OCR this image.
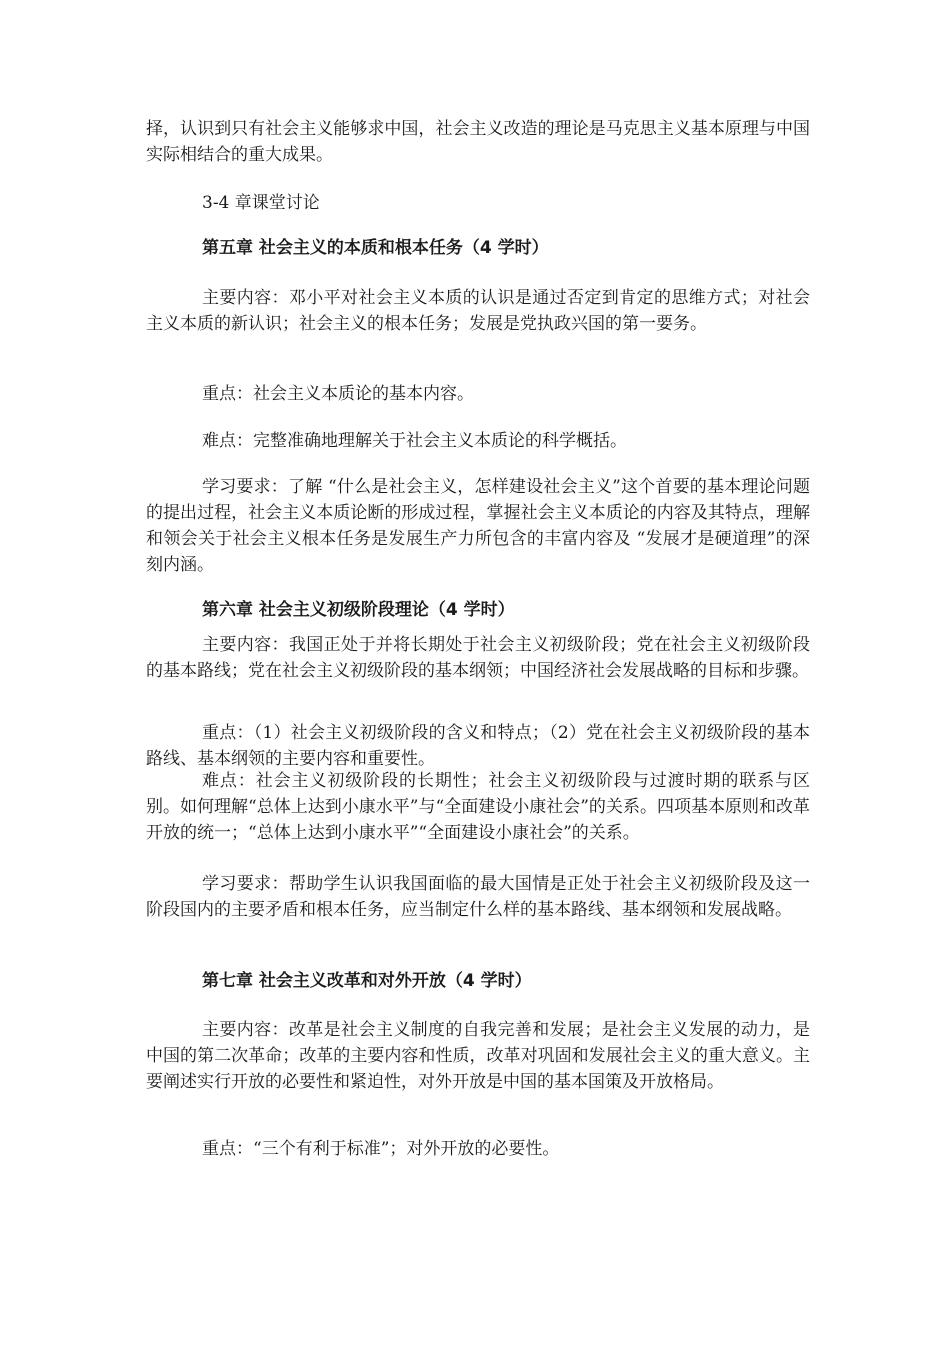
择，认识到只有社会主义能够求中国，社会主义改造的理论是马克思主义基本原理与中国实际相结合的重大成果。

3-4 章课堂讨论

第五章 社会主义的本质和根本任务（4 学时）

主要内容：邓小平对社会主义本质的认识是通过否定到肯定的思维方式；对社会主义本质的新认识；社会主义的根本任务；发展是党执政兴国的第一要务。

重点：社会主义本质论的基本内容。

难点：完整准确地理解关于社会主义本质论的科学概括。

学习要求：了解 “什么是社会主义，怎样建设社会主义”这个首要的基本理论问题的提出过程，社会主义本质论断的形成过程，掌握社会主义本质论的内容及其特点，理解和领会关于社会主义根本任务是发展生产力所包含的丰富内容及 “发展才是硬道理”的深刻内涵。

第六章 社会主义初级阶段理论（4 学时）

主要内容：我国正处于并将长期处于社会主义初级阶段；党在社会主义初级阶段的基本路线；党在社会主义初级阶段的基本纲领；中国经济社会发展战略的目标和步骤。

重点：（1）社会主义初级阶段的含义和特点；（2）党在社会主义初级阶段的基本路线、基本纲领的主要内容和重要性。

难点：社会主义初级阶段的长期性；社会主义初级阶段与过渡时期的联系与区别。如何理解“总体上达到小康水平”与“全面建设小康社会”的关系。四项基本原则和改革开放的统一；“总体上达到小康水平”“全面建设小康社会”的关系。

学习要求：帮助学生认识我国面临的最大国情是正处于社会主义初级阶段及这一阶段国内的主要矛盾和根本任务，应当制定什么样的基本路线、基本纲领和发展战略。

第七章 社会主义改革和对外开放（4 学时）

主要内容：改革是社会主义制度的自我完善和发展；是社会主义发展的动力，是中国的第二次革命；改革的主要内容和性质，改革对巩固和发展社会主义的重大意义。主要阐述实行开放的必要性和紧迫性，对外开放是中国的基本国策及开放格局。

重点：“三个有利于标准”；对外开放的必要性。
